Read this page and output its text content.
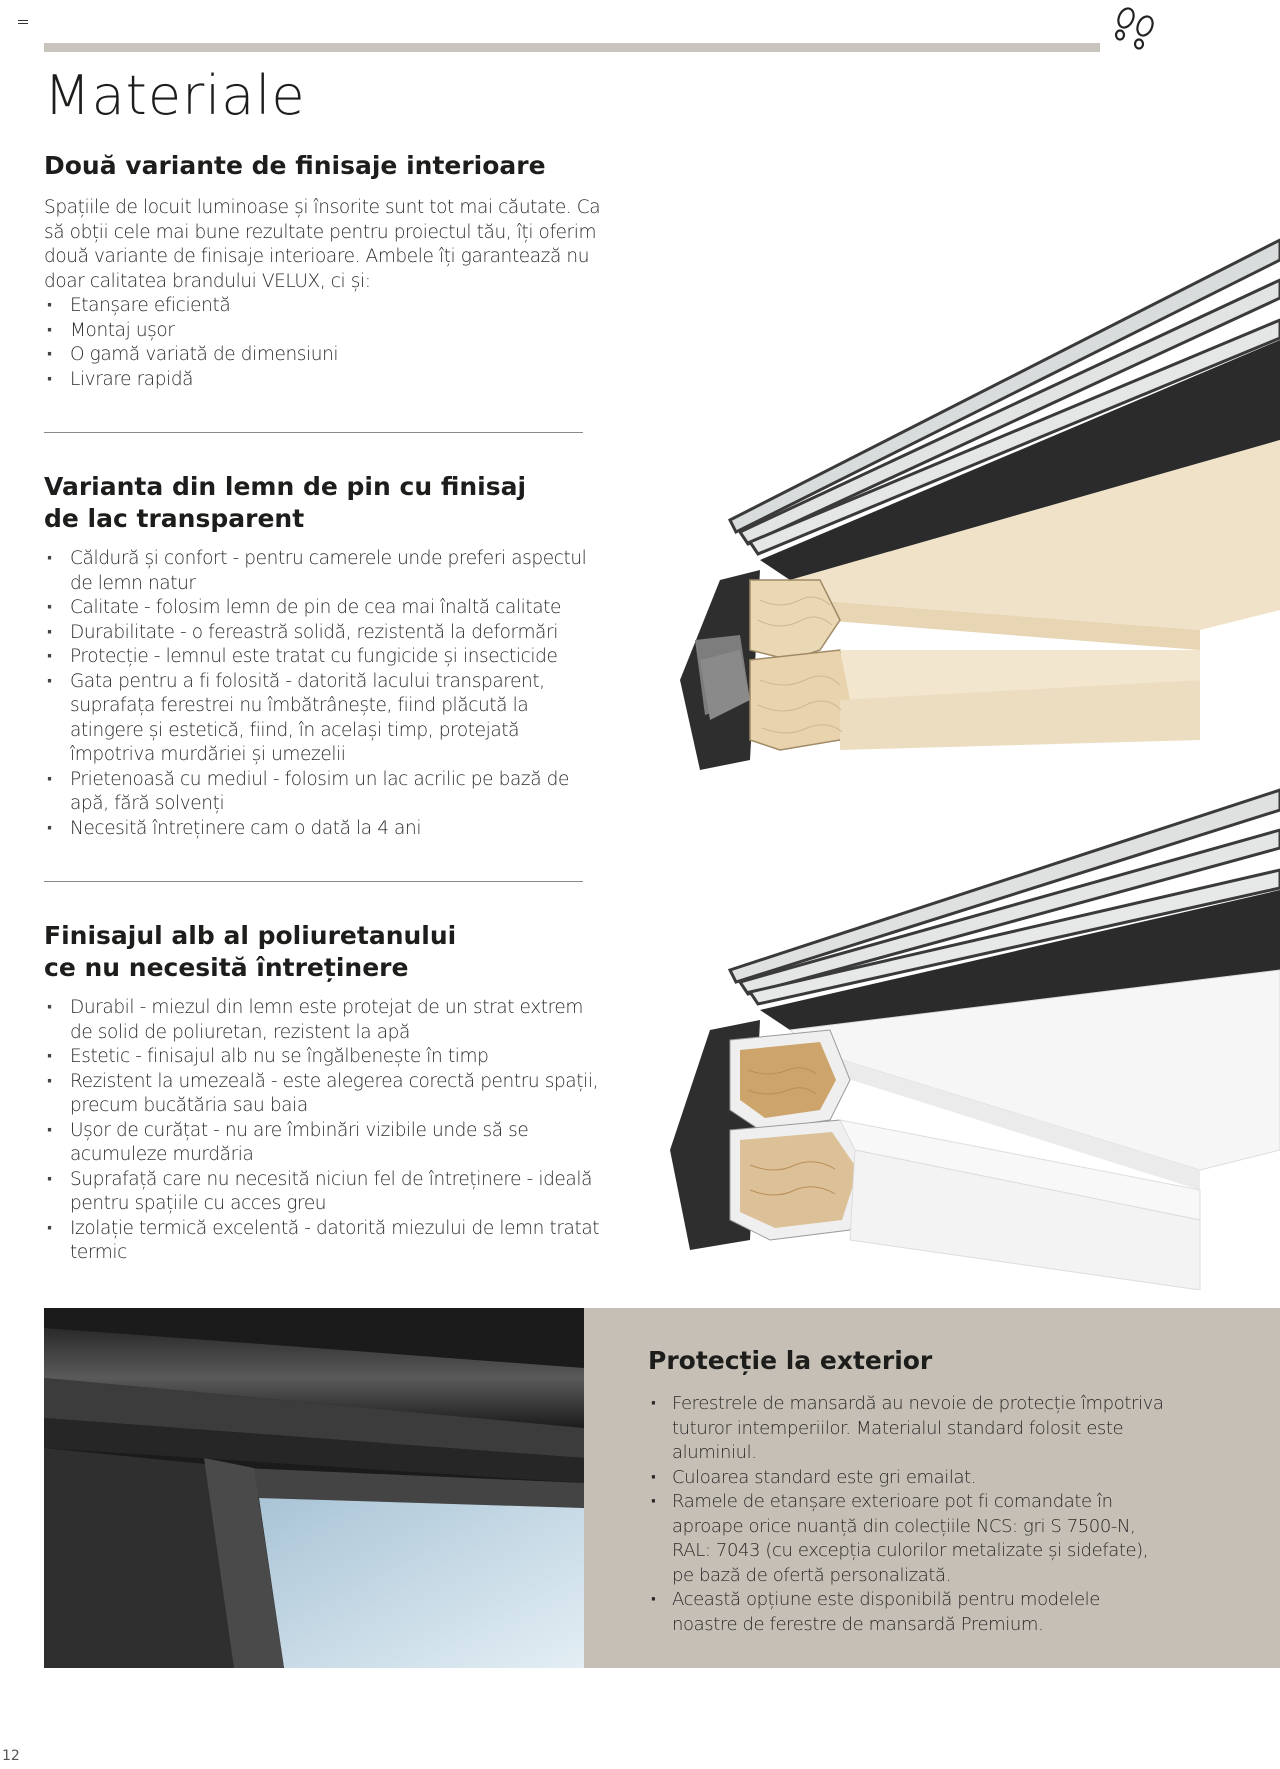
Materiale
Două variante de finisaje interioare

Spațiile de locuit luminoase și însorite sunt tot mai căutate. Ca să obții cele mai bune rezultate pentru proiectul tău, îți oferim două variante de finisaje interioare. Ambele îți garantează nu doar calitatea brandului VELUX, ci și:

· Etanșare eficientă
· Montaj ușor
· O gamă variată de dimensiuni
· Livrare rapidă
Varianta din lemn de pin cu finisaj
de lac transparent
· Căldură și confort - pentru camerele unde preferi aspectul de lemn natur
· Calitate - folosim lemn de pin de cea mai înaltă calitate
· Durabilitate - o fereastră solidă, rezistentă la deformări
· Protecție - lemnul este tratat cu fungicide și insecticide
· Gata pentru a fi folosită - datorită lacului transparent, suprafața ferestrei nu îmbătrânește, fiind plăcută la atingere și estetică, fiind, în același timp, protejată împotriva murdăriei și umezelii
· Prietenoasă cu mediul - folosim un lac acrilic pe bază de apă, fără solvenți
· Necesită întreținere cam o dată la 4 ani
Finisajul alb al poliuretanului
ce nu necesită întreținere
· Durabil - miezul din lemn este protejat de un strat extrem de solid de poliuretan, rezistent la apă
· Estetic - finisajul alb nu se îngălbenește în timp
· Rezistent la umezeală - este alegerea corectă pentru spații, precum bucătăria sau baia
· Ușor de curățat - nu are îmbinări vizibile unde să se acumuleze murdăria
· Suprafață care nu necesită niciun fel de întreținere - ideală pentru spațiile cu acces greu
· Izolație termică excelentă - datorită miezului de lemn tratat termic
Protecție la exterior
· Ferestrele de mansardă au nevoie de protecție împotriva tuturor intemperiilor. Materialul standard folosit este aluminiul.
· Culoarea standard este gri emailat.
· Ramele de etanșare exterioare pot fi comandate în aproape orice nuanță din colecțiile NCS: gri S 7500-N, RAL: 7043 (cu excepția culorilor metalizate și sidefate), pe bază de ofertă personalizată.
· Această opțiune este disponibilă pentru modelele noastre de ferestre de mansardă Premium.
12
